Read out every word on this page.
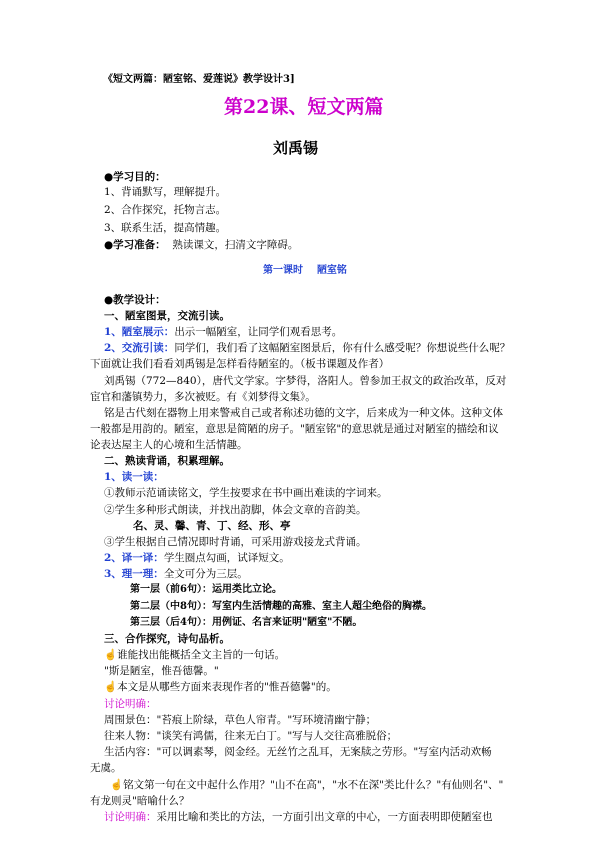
《短文两篇：陋室铭、爱莲说》教学设计3]
第22课、短文两篇
刘禹锡
●学习目的：
1、背诵默写，理解提升。
2、合作探究，托物言志。
3、联系生活，提高情趣。
●学习准备： 熟读课文，扫清文字障碍。
第一课时 陋室铭
●教学设计：
一、陋室图景，交流引读。
1、陋室展示：出示一幅陋室，让同学们观看思考。
2、交流引读：同学们，我们看了这幅陋室图景后，你有什么感受呢？你想说些什么呢？
下面就让我们看看刘禹锡是怎样看待陋室的。（板书课题及作者）
刘禹锡（772—840），唐代文学家。字梦得，洛阳人。曾参加王叔文的政治改革，反对
宦官和藩镇势力，多次被贬。有《刘梦得文集》。
铭是古代刻在器物上用来警戒自己或者称述功德的文字，后来成为一种文体。这种文体
一般都是用韵的。陋室，意思是简陋的房子。"陋室铭"的意思就是通过对陋室的描绘和议
论表达屋主人的心境和生活情趣。
二、熟读背诵，积累理解。
1、读一读：
①教师示范诵读铭文，学生按要求在书中画出难读的字词来。
②学生多种形式朗读，并找出韵脚，体会文章的音韵美。
名、灵、馨、青、丁、经、形、亭
③学生根据自己情况即时背诵，可采用游戏接龙式背诵。
2、译一译：学生圈点勾画，试译短文。
3、理一理：全文可分为三层。
第一层（前6句）：运用类比立论。
第二层（中8句）：写室内生活情趣的高雅、室主人超尘绝俗的胸襟。
第三层（后4句）：用例证、名言来证明"陋室"不陋。
三、合作探究，诗句品析。
☝谁能找出能概括全文主旨的一句话。
"斯是陋室，惟吾德馨。"
☝本文是从哪些方面来表现作者的"惟吾德馨"的。
讨论明确：
周围景色："苔痕上阶绿，草色人帘青。"写环境清幽宁静；
往来人物："谈笑有鸿儒，往来无白丁。"写与人交往高雅脱俗；
生活内容："可以调素琴，阅金经。无丝竹之乱耳，无案牍之劳形。"写室内活动欢畅
无虞。
☝铭文第一句在文中起什么作用？"山不在高"，"水不在深"类比什么？"有仙则名"、"
有龙则灵"暗喻什么？
讨论明确：采用比喻和类比的方法，一方面引出文章的中心，一方面表明即使陋室也
